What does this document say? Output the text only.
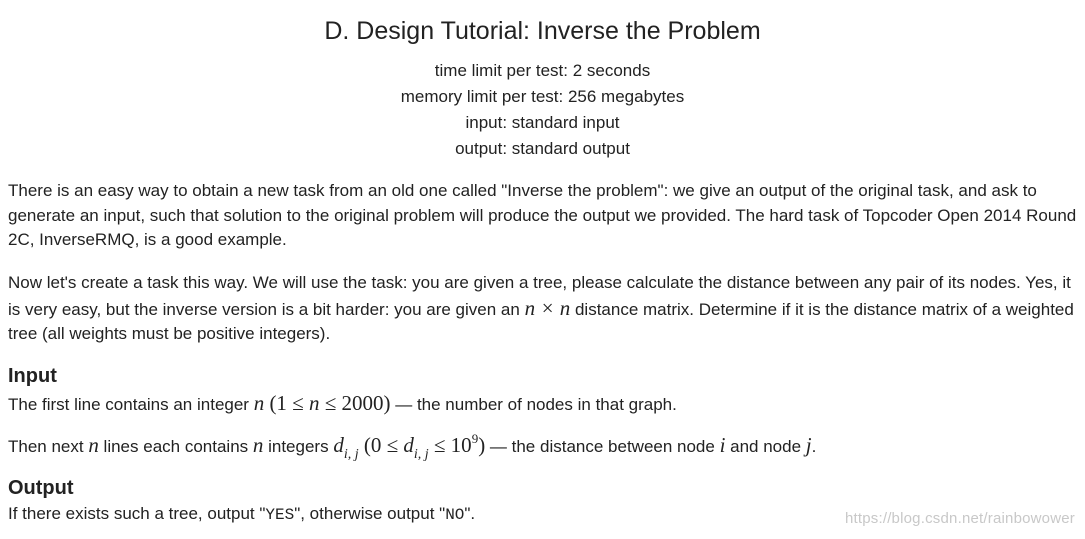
D. Design Tutorial: Inverse the Problem
time limit per test: 2 seconds
memory limit per test: 256 megabytes
input: standard input
output: standard output
There is an easy way to obtain a new task from an old one called "Inverse the problem": we give an output of the original task, and ask to generate an input, such that solution to the original problem will produce the output we provided. The hard task of Topcoder Open 2014 Round 2C, InverseRMQ, is a good example.
Now let's create a task this way. We will use the task: you are given a tree, please calculate the distance between any pair of its nodes. Yes, it is very easy, but the inverse version is a bit harder: you are given an n × n distance matrix. Determine if it is the distance matrix of a weighted tree (all weights must be positive integers).
Input
The first line contains an integer n (1 ≤ n ≤ 2000) — the number of nodes in that graph.
Then next n lines each contains n integers $d_{i, j}$ $(0 \le d_{i, j} \le 10^9)$ — the distance between node i and node j.
Output
If there exists such a tree, output "YES", otherwise output "NO".	https://blog.csdn.net/rainbowower
